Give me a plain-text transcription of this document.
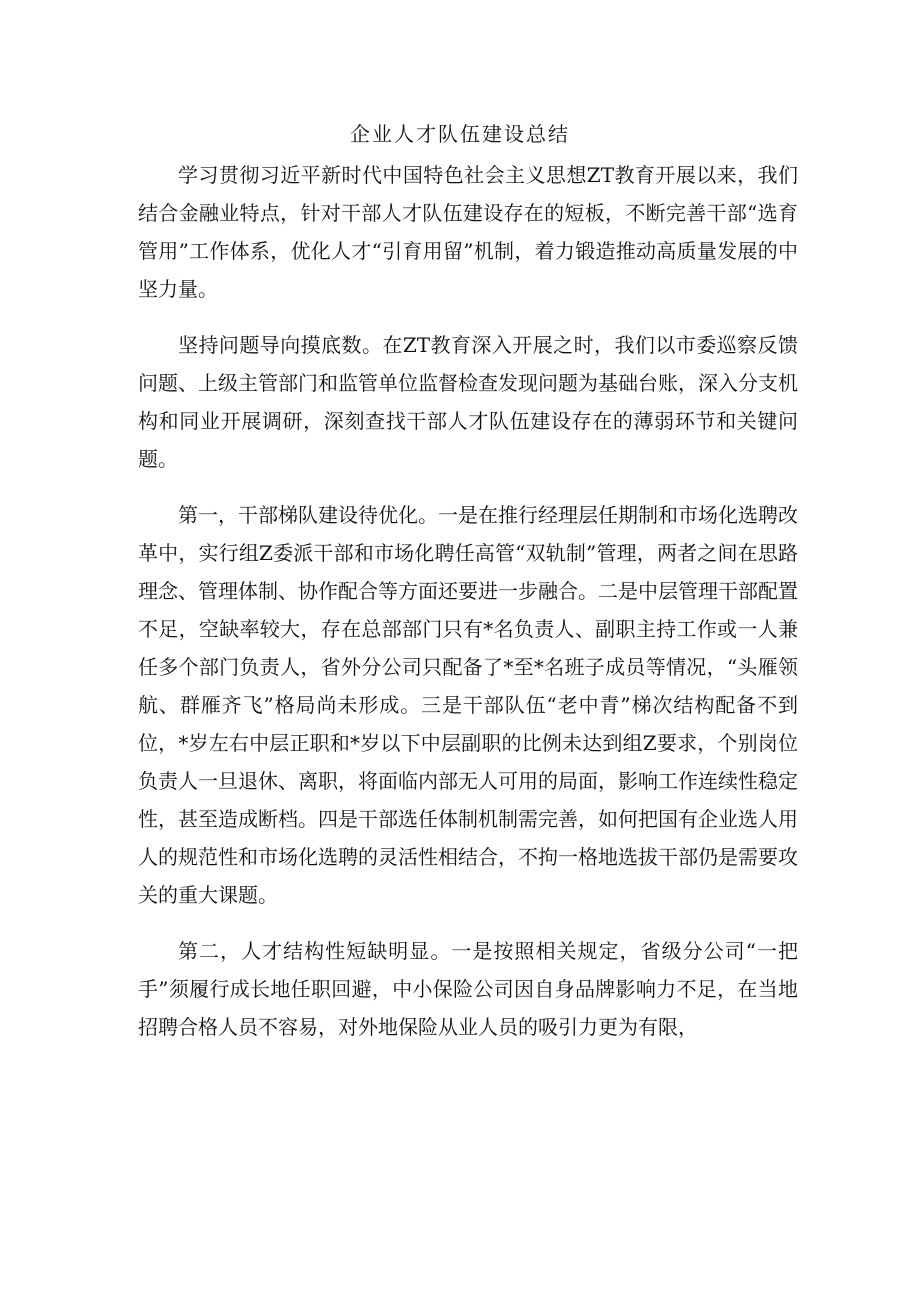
企业人才队伍建设总结

学习贯彻习近平新时代中国特色社会主义思想ZT教育开展以来，我们结合金融业特点，针对干部人才队伍建设存在的短板，不断完善干部“选育管用”工作体系，优化人才“引育用留”机制，着力锻造推动高质量发展的中坚力量。

坚持问题导向摸底数。在ZT教育深入开展之时，我们以市委巡察反馈问题、上级主管部门和监管单位监督检查发现问题为基础台账，深入分支机构和同业开展调研，深刻查找干部人才队伍建设存在的薄弱环节和关键问题。

第一，干部梯队建设待优化。一是在推行经理层任期制和市场化选聘改革中，实行组Z委派干部和市场化聘任高管“双轨制”管理，两者之间在思路理念、管理体制、协作配合等方面还要进一步融合。二是中层管理干部配置不足，空缺率较大，存在总部部门只有*名负责人、副职主持工作或一人兼任多个部门负责人，省外分公司只配备了*至*名班子成员等情况，“头雁领航、群雁齐飞”格局尚未形成。三是干部队伍“老中青”梯次结构配备不到位，*岁左右中层正职和*岁以下中层副职的比例未达到组Z要求，个别岗位负责人一旦退休、离职，将面临内部无人可用的局面，影响工作连续性稳定性，甚至造成断档。四是干部选任体制机制需完善，如何把国有企业选人用人的规范性和市场化选聘的灵活性相结合，不拘一格地选拔干部仍是需要攻关的重大课题。

第二，人才结构性短缺明显。一是按照相关规定，省级分公司“一把手”须履行成长地任职回避，中小保险公司因自身品牌影响力不足，在当地招聘合格人员不容易，对外地保险从业人员的吸引力更为有限，
